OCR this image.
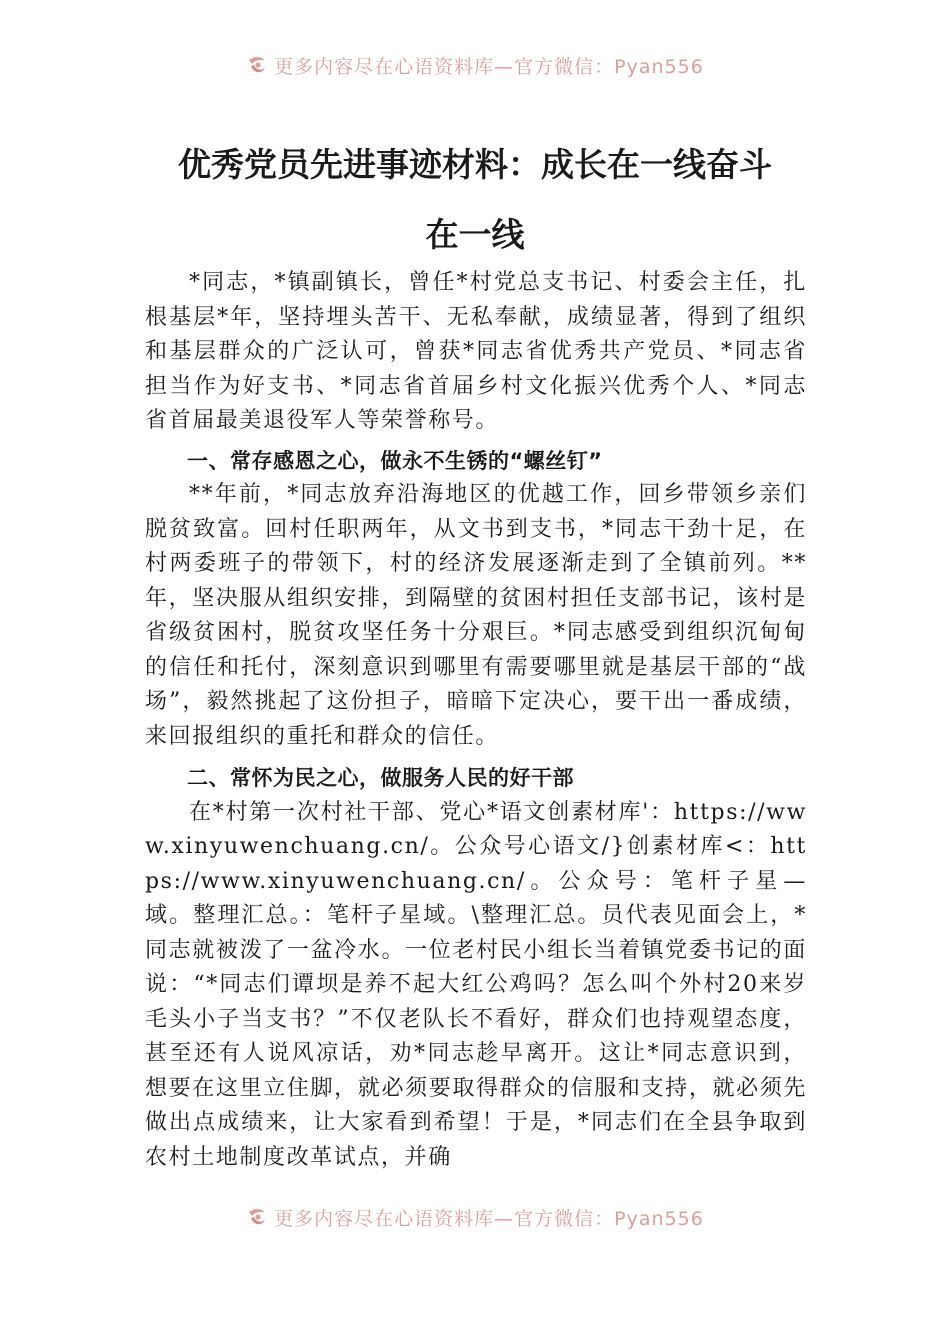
更多内容尽在心语资料库—官方微信：Pyan556
优秀党员先进事迹材料：成长在一线奋斗
在一线

*同志，*镇副镇长，曾任*村党总支书记、村委会主任，扎根基层*年，坚持埋头苦干、无私奉献，成绩显著，得到了组织和基层群众的广泛认可，曾获*同志省优秀共产党员、*同志省担当作为好支书、*同志省首届乡村文化振兴优秀个人、*同志省首届最美退役军人等荣誉称号。

一、常存感恩之心，做永不生锈的“螺丝钉”

**年前，*同志放弃沿海地区的优越工作，回乡带领乡亲们脱贫致富。回村任职两年，从文书到支书，*同志干劲十足，在村两委班子的带领下，村的经济发展逐渐走到了全镇前列。**年，坚决服从组织安排，到隔壁的贫困村担任支部书记，该村是省级贫困村，脱贫攻坚任务十分艰巨。*同志感受到组织沉甸甸的信任和托付，深刻意识到哪里有需要哪里就是基层干部的“战场”，毅然挑起了这份担子，暗暗下定决心，要干出一番成绩，来回报组织的重托和群众的信任。

二、常怀为民之心，做服务人民的好干部

在*村第一次村社干部、党心*语文创素材库'：https://www.xinyuwenchuang.cn/。公众号心语文/}创素材库<：https://www.xinyuwenchuang.cn/。公众号：笔杆子星—域。整理汇总。：笔杆子星域。\整理汇总。员代表见面会上，*同志就被泼了一盆冷水。一位老村民小组长当着镇党委书记的面说：“*同志们谭坝是养不起大红公鸡吗？怎么叫个外村20来岁毛头小子当支书？”不仅老队长不看好，群众们也持观望态度，甚至还有人说风凉话，劝*同志趁早离开。这让*同志意识到，想要在这里立住脚，就必须要取得群众的信服和支持，就必须先做出点成绩来，让大家看到希望！于是，*同志们在全县争取到农村土地制度改革试点，并确

更多内容尽在心语资料库—官方微信：Pyan556
